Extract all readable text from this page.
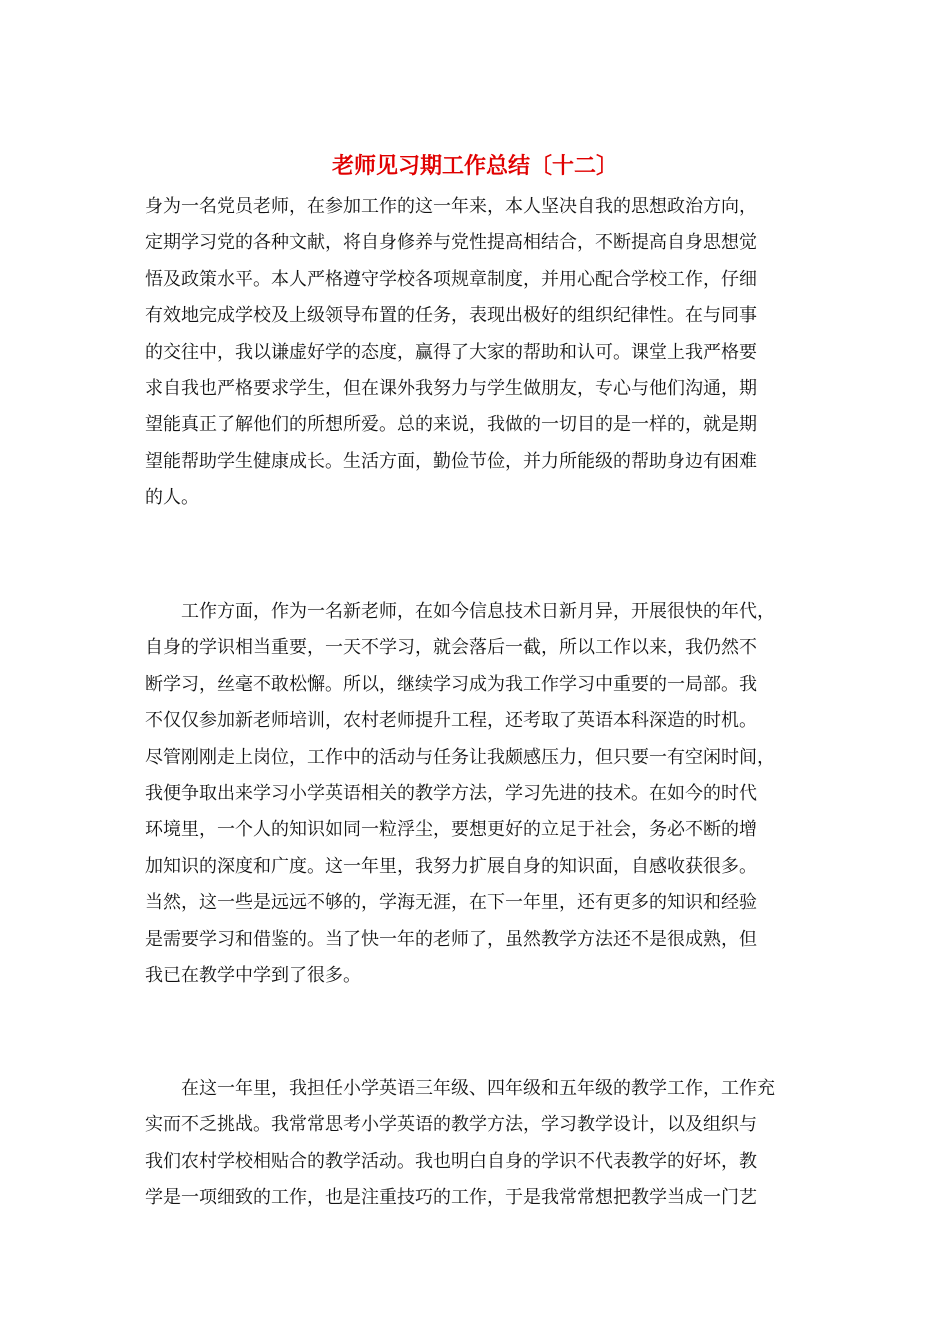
老师见习期工作总结〔十二〕

身为一名党员老师，在参加工作的这一年来，本人坚决自我的思想政治方向，
定期学习党的各种文献，将自身修养与党性提高相结合，不断提高自身思想觉
悟及政策水平。本人严格遵守学校各项规章制度，并用心配合学校工作，仔细
有效地完成学校及上级领导布置的任务，表现出极好的组织纪律性。在与同事
的交往中，我以谦虚好学的态度，赢得了大家的帮助和认可。课堂上我严格要
求自我也严格要求学生，但在课外我努力与学生做朋友，专心与他们沟通，期
望能真正了解他们的所想所爱。总的来说，我做的一切目的是一样的，就是期
望能帮助学生健康成长。生活方面，勤俭节俭，并力所能级的帮助身边有困难
的人。

　　工作方面，作为一名新老师，在如今信息技术日新月异，开展很快的年代，
自身的学识相当重要，一天不学习，就会落后一截，所以工作以来，我仍然不
断学习，丝毫不敢松懈。所以，继续学习成为我工作学习中重要的一局部。我
不仅仅参加新老师培训，农村老师提升工程，还考取了英语本科深造的时机。
尽管刚刚走上岗位，工作中的活动与任务让我颇感压力，但只要一有空闲时间，
我便争取出来学习小学英语相关的教学方法，学习先进的技术。在如今的时代
环境里，一个人的知识如同一粒浮尘，要想更好的立足于社会，务必不断的增
加知识的深度和广度。这一年里，我努力扩展自身的知识面，自感收获很多。
当然，这一些是远远不够的，学海无涯，在下一年里，还有更多的知识和经验
是需要学习和借鉴的。当了快一年的老师了，虽然教学方法还不是很成熟，但
我已在教学中学到了很多。

　　在这一年里，我担任小学英语三年级、四年级和五年级的教学工作，工作充
实而不乏挑战。我常常思考小学英语的教学方法，学习教学设计，以及组织与
我们农村学校相贴合的教学活动。我也明白自身的学识不代表教学的好坏，教
学是一项细致的工作，也是注重技巧的工作，于是我常常想把教学当成一门艺
